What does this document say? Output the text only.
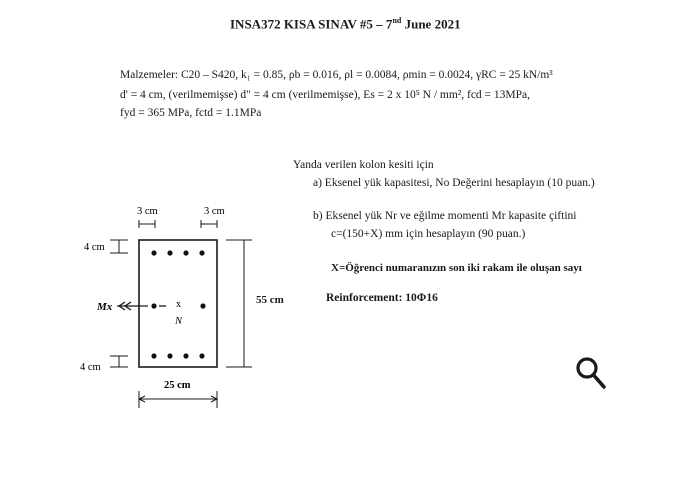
INSA372 KISA SINAV #5 – 7nd June 2021
Malzemeler: C20 – S420, k₁ = 0.85, ρb = 0.016, ρl = 0.0084, ρmin = 0.0024, γRC = 25 kN/m³
d' = 4 cm, (verilmemişse) d" = 4 cm (verilmemişse), Es = 2 x 10⁵ N / mm², fcd = 13MPa,
fyd = 365 MPa, fctd = 1.1MPa
Yanda verilen kolon kesiti için
a) Eksenel yük kapasitesi, No Değerini hesaplayın (10 puan.)
b) Eksenel yük Nr ve eğilme momenti Mr kapasite çiftini
c=(150+X) mm için hesaplayın (90 puan.)
X=Öğrenci numaranızın son iki rakam ile oluşan sayı
Reinforcement: 10Φ16
3 cm	3 cm
4 cm
4 cm
Mx	x
N
25 cm
55 cm
